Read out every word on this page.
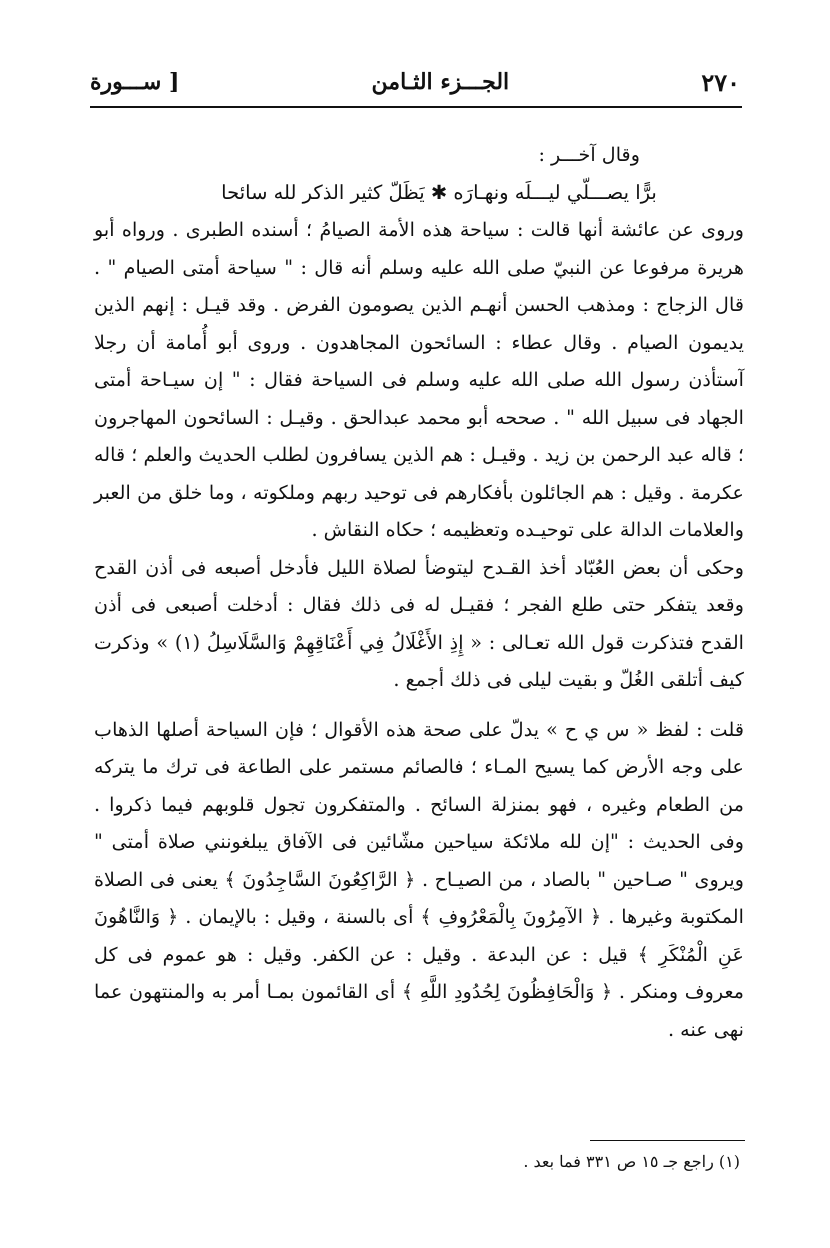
٢٧٠
الجـــزء الثـامن
[ ســـورة

وقال آخـــر :

برًّا يصـــلّي ليـــلَه ونهـارَه ✱ يَظَلّ كثير الذكر لله سائحا

وروى عن عائشة أنها قالت : سياحة هذه الأمة الصيامُ ؛ أسنده الطبرى . ورواه أبو هريرة مرفوعا عن النبيّ صلى الله عليه وسلم أنه قال : " سياحة أمتى الصيام " . قال الزجاج : ومذهب الحسن أنهـم الذين يصومون الفرض . وقد قيـل : إنهم الذين يديمون الصيام . وقال عطاء : السائحون المجاهدون . وروى أبو أُمامة أن رجلا آستأذن رسول الله صلى الله عليه وسلم فى السياحة فقال : " إن سيـاحة أمتى الجهاد فى سبيل الله " . صححه أبو محمد عبدالحق . وقيـل : السائحون المهاجرون ؛ قاله عبد الرحمن بن زيد . وقيـل : هم الذين يسافرون لطلب الحديث والعلم ؛ قاله عكرمة . وقيل : هم الجائلون بأفكارهم فى توحيد ربهم وملكوته ، وما خلق من العبر والعلامات الدالة على توحيـده وتعظيمه ؛ حكاه النقاش .

وحكى أن بعض العُبّاد أخذ القـدح ليتوضأ لصلاة الليل فأدخل أصبعه فى أذن القدح وقعد يتفكر حتى طلع الفجر ؛ فقيـل له فى ذلك فقال : أدخلت أصبعى فى أذن القدح فتذكرت قول الله تعـالى : « إِذِ الأَغْلَالُ فِي أَعْنَاقِهِمْ وَالسَّلَاسِلُ (١) » وذكرت كيف أتلقى الغُلّ و بقيت ليلى فى ذلك أجمع .

قلت : لفظ « س ي ح » يدلّ على صحة هذه الأقوال ؛ فإن السياحة أصلها الذهاب على وجه الأرض كما يسيح المـاء ؛ فالصائم مستمر على الطاعة فى ترك ما يتركه من الطعام وغيره ، فهو بمنزلة السائح . والمتفكرون تجول قلوبهم فيما ذكروا . وفى الحديث : "إن لله ملائكة سياحين مشّائين فى الآفاق يبلغونني صلاة أمتى " ويروى " صـاحين " بالصاد ، من الصيـاح . ﴿ الرَّاكِعُونَ السَّاجِدُونَ ﴾ يعنى فى الصلاة المكتوبة وغيرها . ﴿ الآمِرُونَ بِالْمَعْرُوفِ ﴾ أى بالسنة ، وقيل : بالإيمان . ﴿ وَالنَّاهُونَ عَنِ الْمُنْكَرِ ﴾ قيل : عن البدعة . وقيل : عن الكفر. وقيل : هو عموم فى كل معروف ومنكر . ﴿ وَالْحَافِظُونَ لِحُدُودِ اللَّهِ ﴾ أى القائمون بمـا أمر به والمنتهون عما نهى عنه .

(١) راجع جـ ١٥ ص ٣٣١ فما بعد .
